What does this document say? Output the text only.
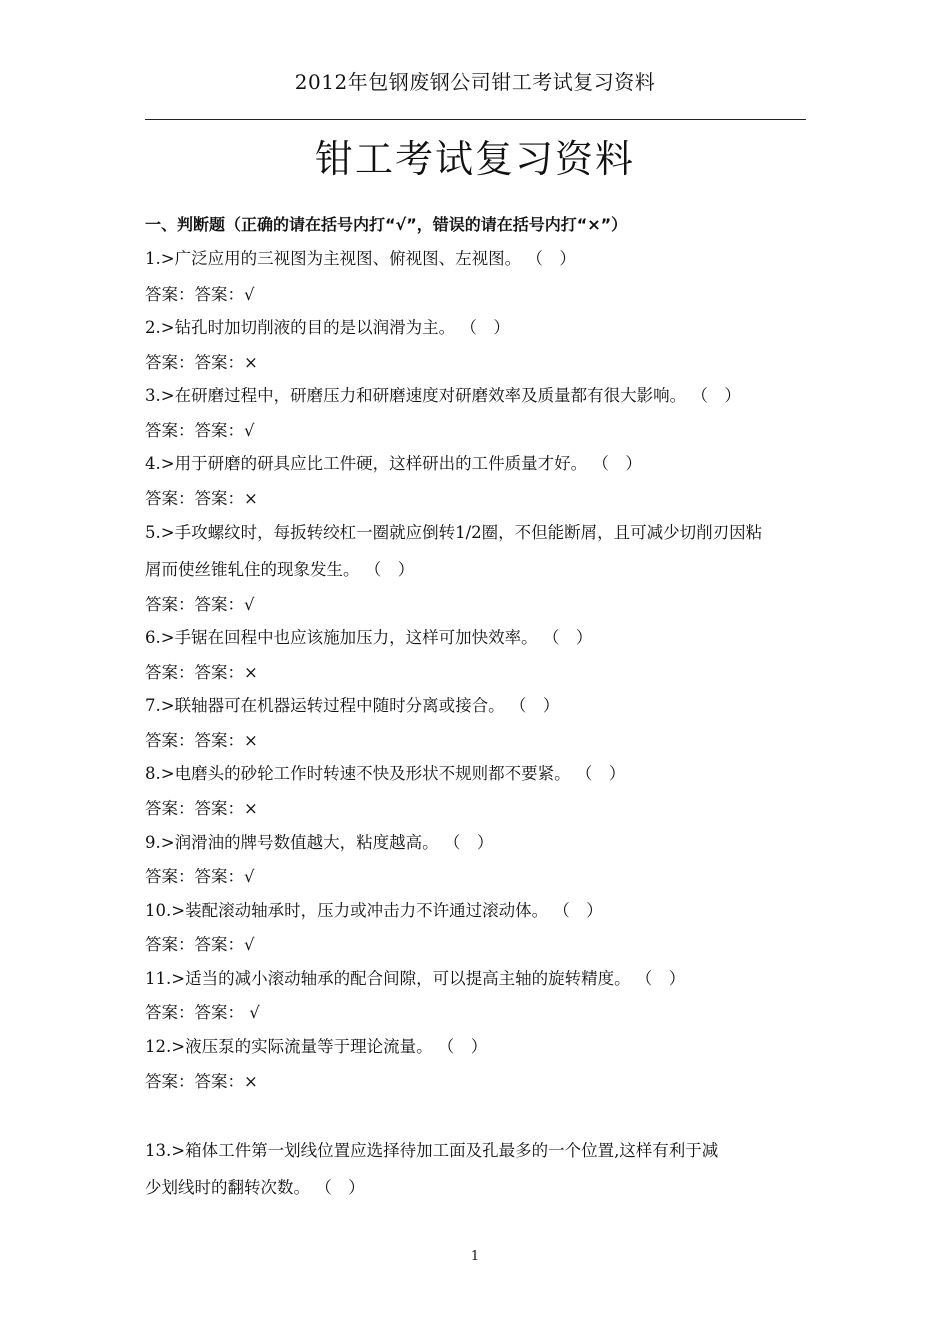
2012年包钢废钢公司钳工考试复习资料
钳工考试复习资料
一、判断题（正确的请在括号内打“√”，错误的请在括号内打“×”）
1.>广泛应用的三视图为主视图、俯视图、左视图。 （　）
答案：答案：√
2.>钻孔时加切削液的目的是以润滑为主。 （　）
答案：答案：×
3.>在研磨过程中，研磨压力和研磨速度对研磨效率及质量都有很大影响。 （　）
答案：答案：√
4.>用于研磨的研具应比工件硬，这样研出的工件质量才好。 （　）
答案：答案：×
5.>手攻螺纹时，每扳转绞杠一圈就应倒转1/2圈，不但能断屑，且可减少切削刃因粘
屑而使丝锥轧住的现象发生。 （　）
答案：答案：√
6.>手锯在回程中也应该施加压力，这样可加快效率。 （　）
答案：答案：×
7.>联轴器可在机器运转过程中随时分离或接合。 （　）
答案：答案：×
8.>电磨头的砂轮工作时转速不快及形状不规则都不要紧。 （　）
答案：答案：×
9.>润滑油的牌号数值越大，粘度越高。 （　）
答案：答案：√
10.>装配滚动轴承时，压力或冲击力不许通过滚动体。 （　）
答案：答案：√
11.>适当的减小滚动轴承的配合间隙，可以提高主轴的旋转精度。 （　）
答案：答案： √
12.>液压泵的实际流量等于理论流量。 （　）
答案：答案：×
13.>箱体工件第一划线位置应选择待加工面及孔最多的一个位置,这样有利于减
少划线时的翻转次数。 （　）
1
